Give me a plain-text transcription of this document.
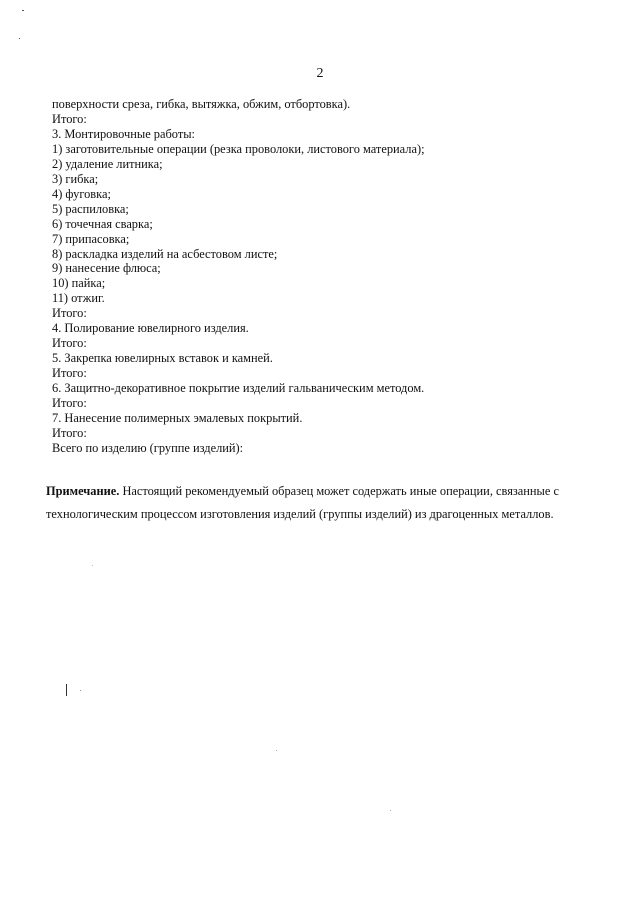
2
поверхности среза, гибка, вытяжка, обжим, отбортовка).
Итого:
3. Монтировочные работы:
1) заготовительные операции (резка проволоки, листового материала);
2) удаление литника;
3) гибка;
4) фуговка;
5) распиловка;
6) точечная сварка;
7) припасовка;
8) раскладка изделий на асбестовом листе;
9) нанесение флюса;
10) пайка;
11) отжиг.
Итого:
4. Полирование ювелирного изделия.
Итого:
5. Закрепка ювелирных вставок и камней.
Итого:
6. Защитно-декоративное покрытие изделий гальваническим методом.
Итого:
7. Нанесение полимерных эмалевых покрытий.
Итого:
Всего по изделию (группе изделий):

Примечание. Настоящий рекомендуемый образец может содержать иные операции, связанные с технологическим процессом изготовления изделий (группы изделий) из драгоценных металлов.
